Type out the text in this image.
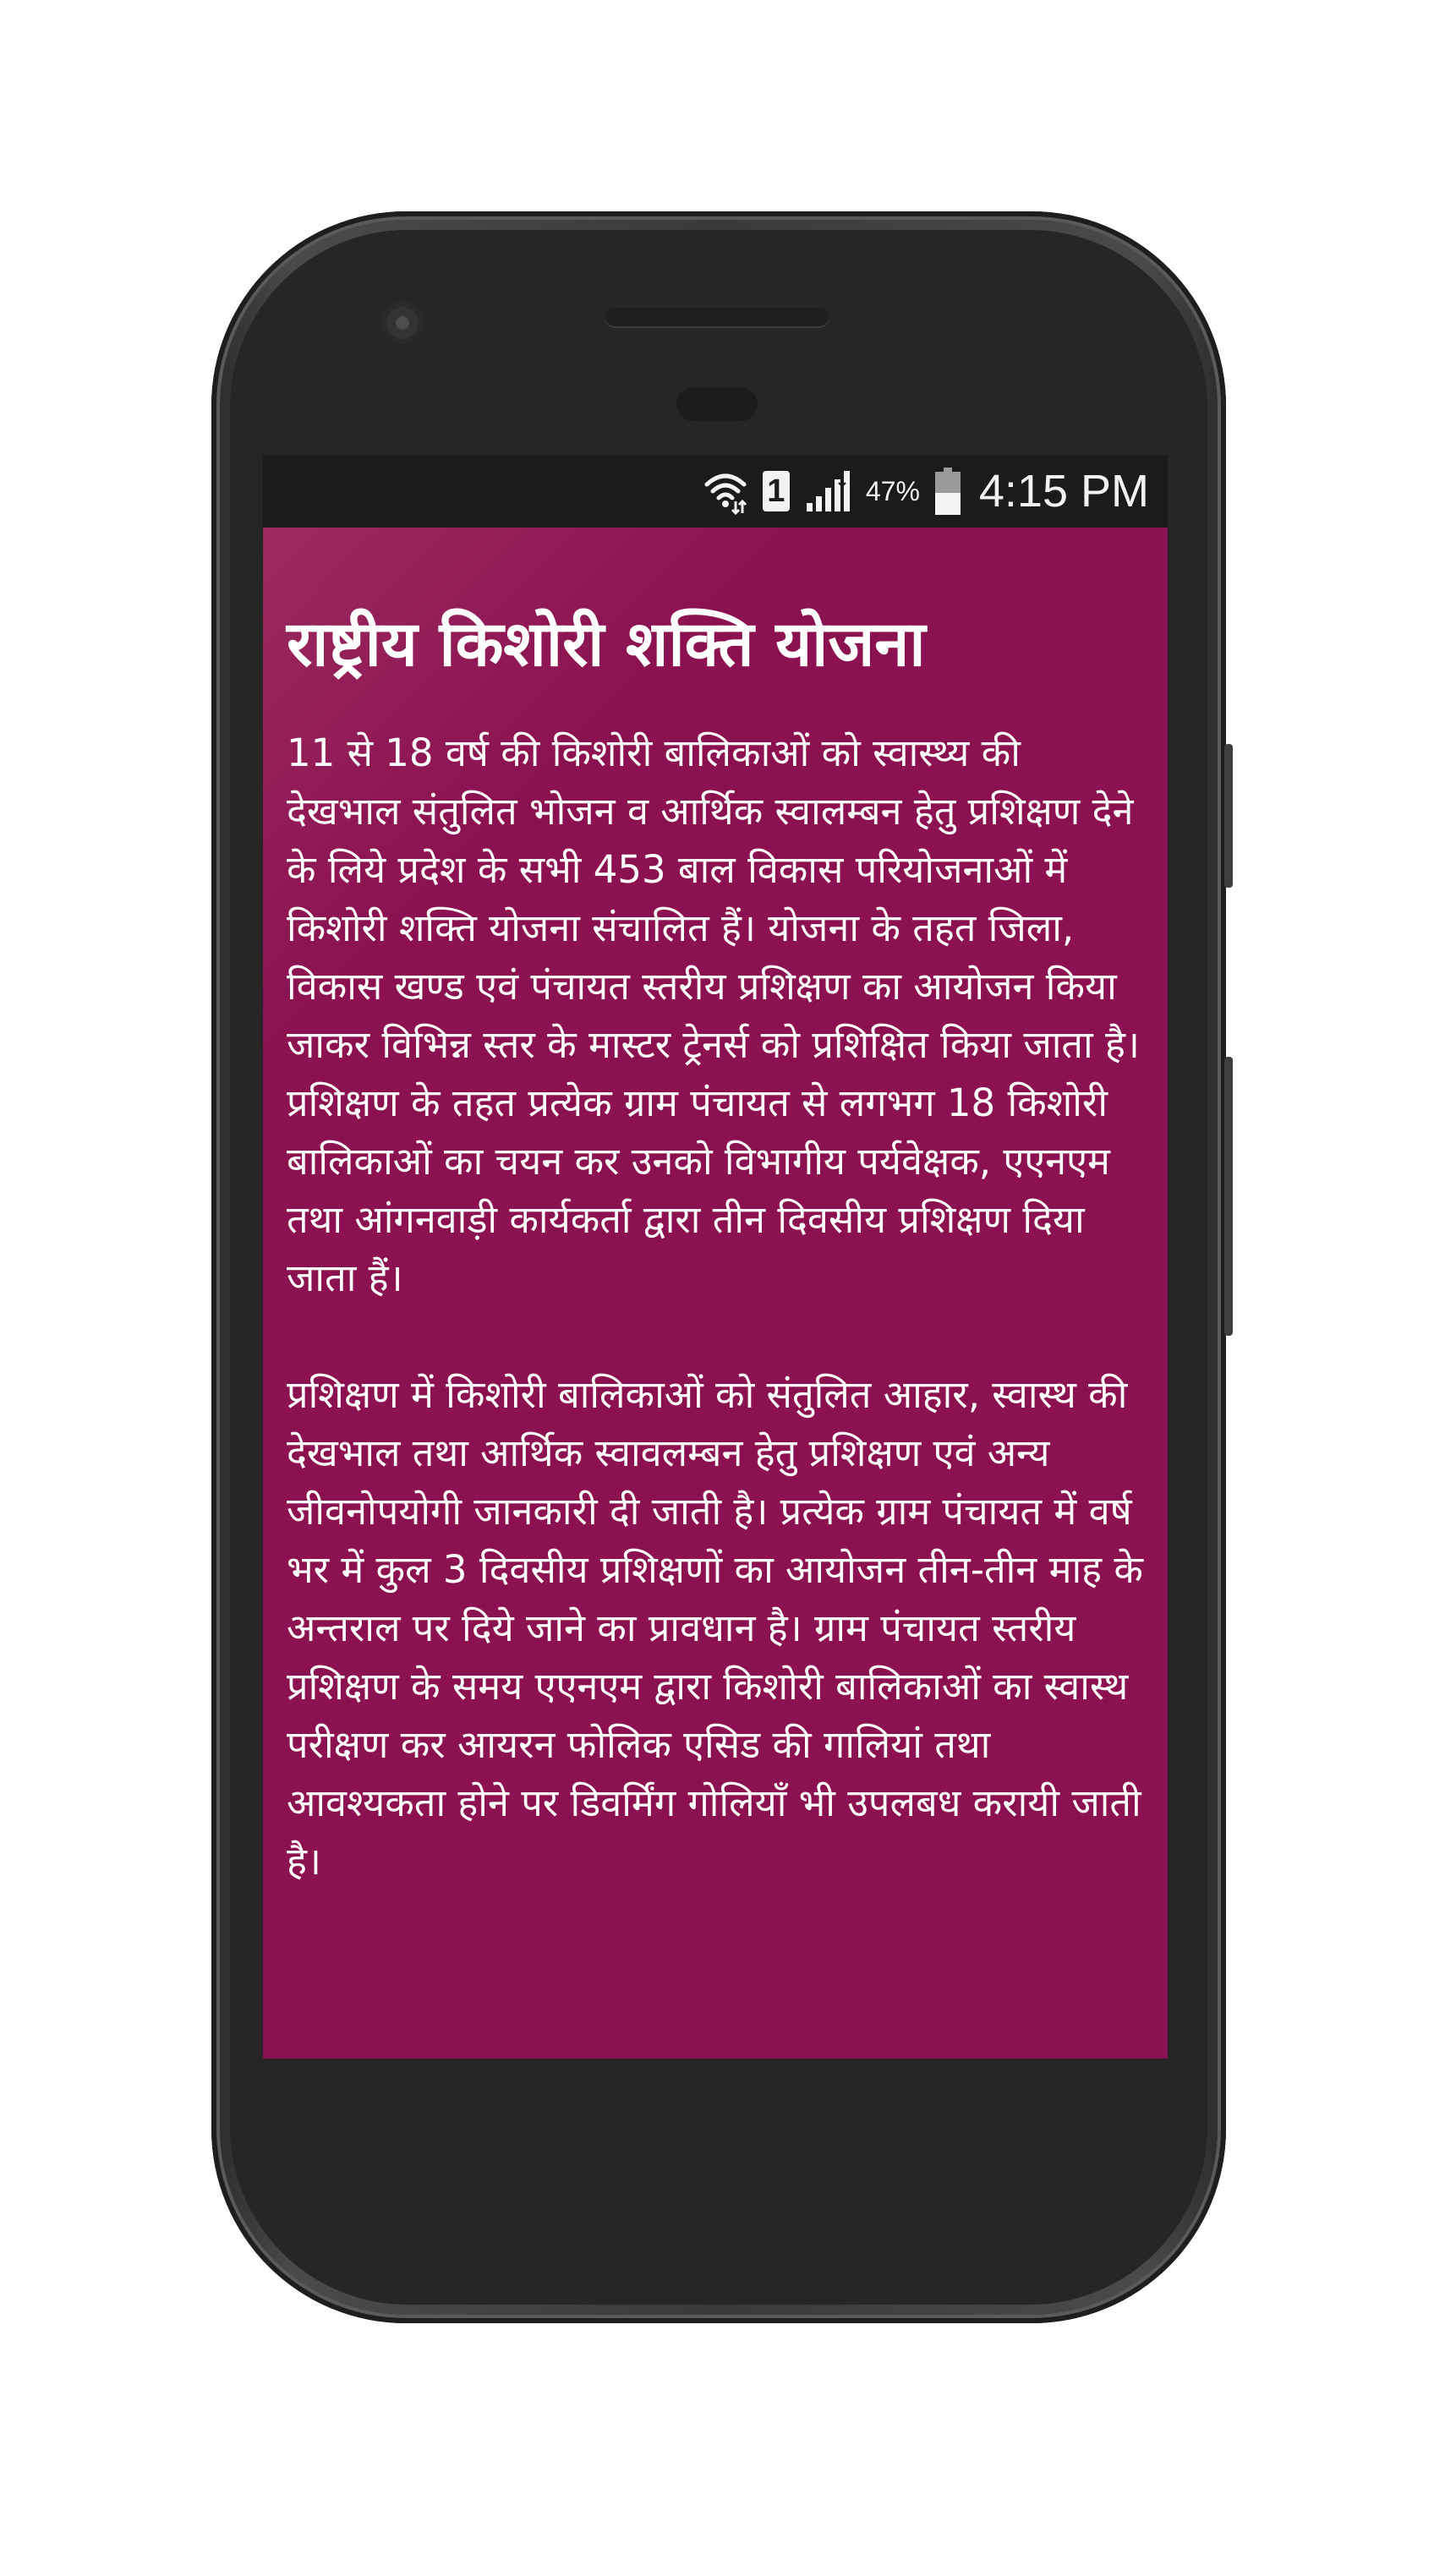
1	47% 4:15 PM
राष्ट्रीय किशोरी शक्ति योजना

11 से 18 वर्ष की किशोरी बालिकाओं को स्वास्थ्य की देखभाल संतुलित भोजन व आर्थिक स्वालम्बन हेतु प्रशिक्षण देने के लिये प्रदेश के सभी 453 बाल विकास परियोजनाओं में किशोरी शक्ति योजना संचालित हैं। योजना के तहत जिला, विकास खण्ड एवं पंचायत स्तरीय प्रशिक्षण का आयोजन किया जाकर विभिन्न स्तर के मास्टर ट्रेनर्स को प्रशिक्षित किया जाता है। प्रशिक्षण के तहत प्रत्येक ग्राम पंचायत से लगभग 18 किशोरी बालिकाओं का चयन कर उनको विभागीय पर्यवेक्षक, एएनएम तथा आंगनवाड़ी कार्यकर्ता द्वारा तीन दिवसीय प्रशिक्षण दिया जाता हैं।

प्रशिक्षण में किशोरी बालिकाओं को संतुलित आहार, स्वास्थ की देखभाल तथा आर्थिक स्वावलम्बन हेतु प्रशिक्षण एवं अन्य जीवनोपयोगी जानकारी दी जाती है। प्रत्येक ग्राम पंचायत में वर्ष भर में कुल 3 दिवसीय प्रशिक्षणों का आयोजन तीन-तीन माह के अन्तराल पर दिये जाने का प्रावधान है। ग्राम पंचायत स्तरीय प्रशिक्षण के समय एएनएम द्वारा किशोरी बालिकाओं का स्वास्थ परीक्षण कर आयरन फोलिक एसिड की गालियां तथा आवश्यकता होने पर डिवर्मिंग गोलियाँ भी उपलबध करायी जाती है।
